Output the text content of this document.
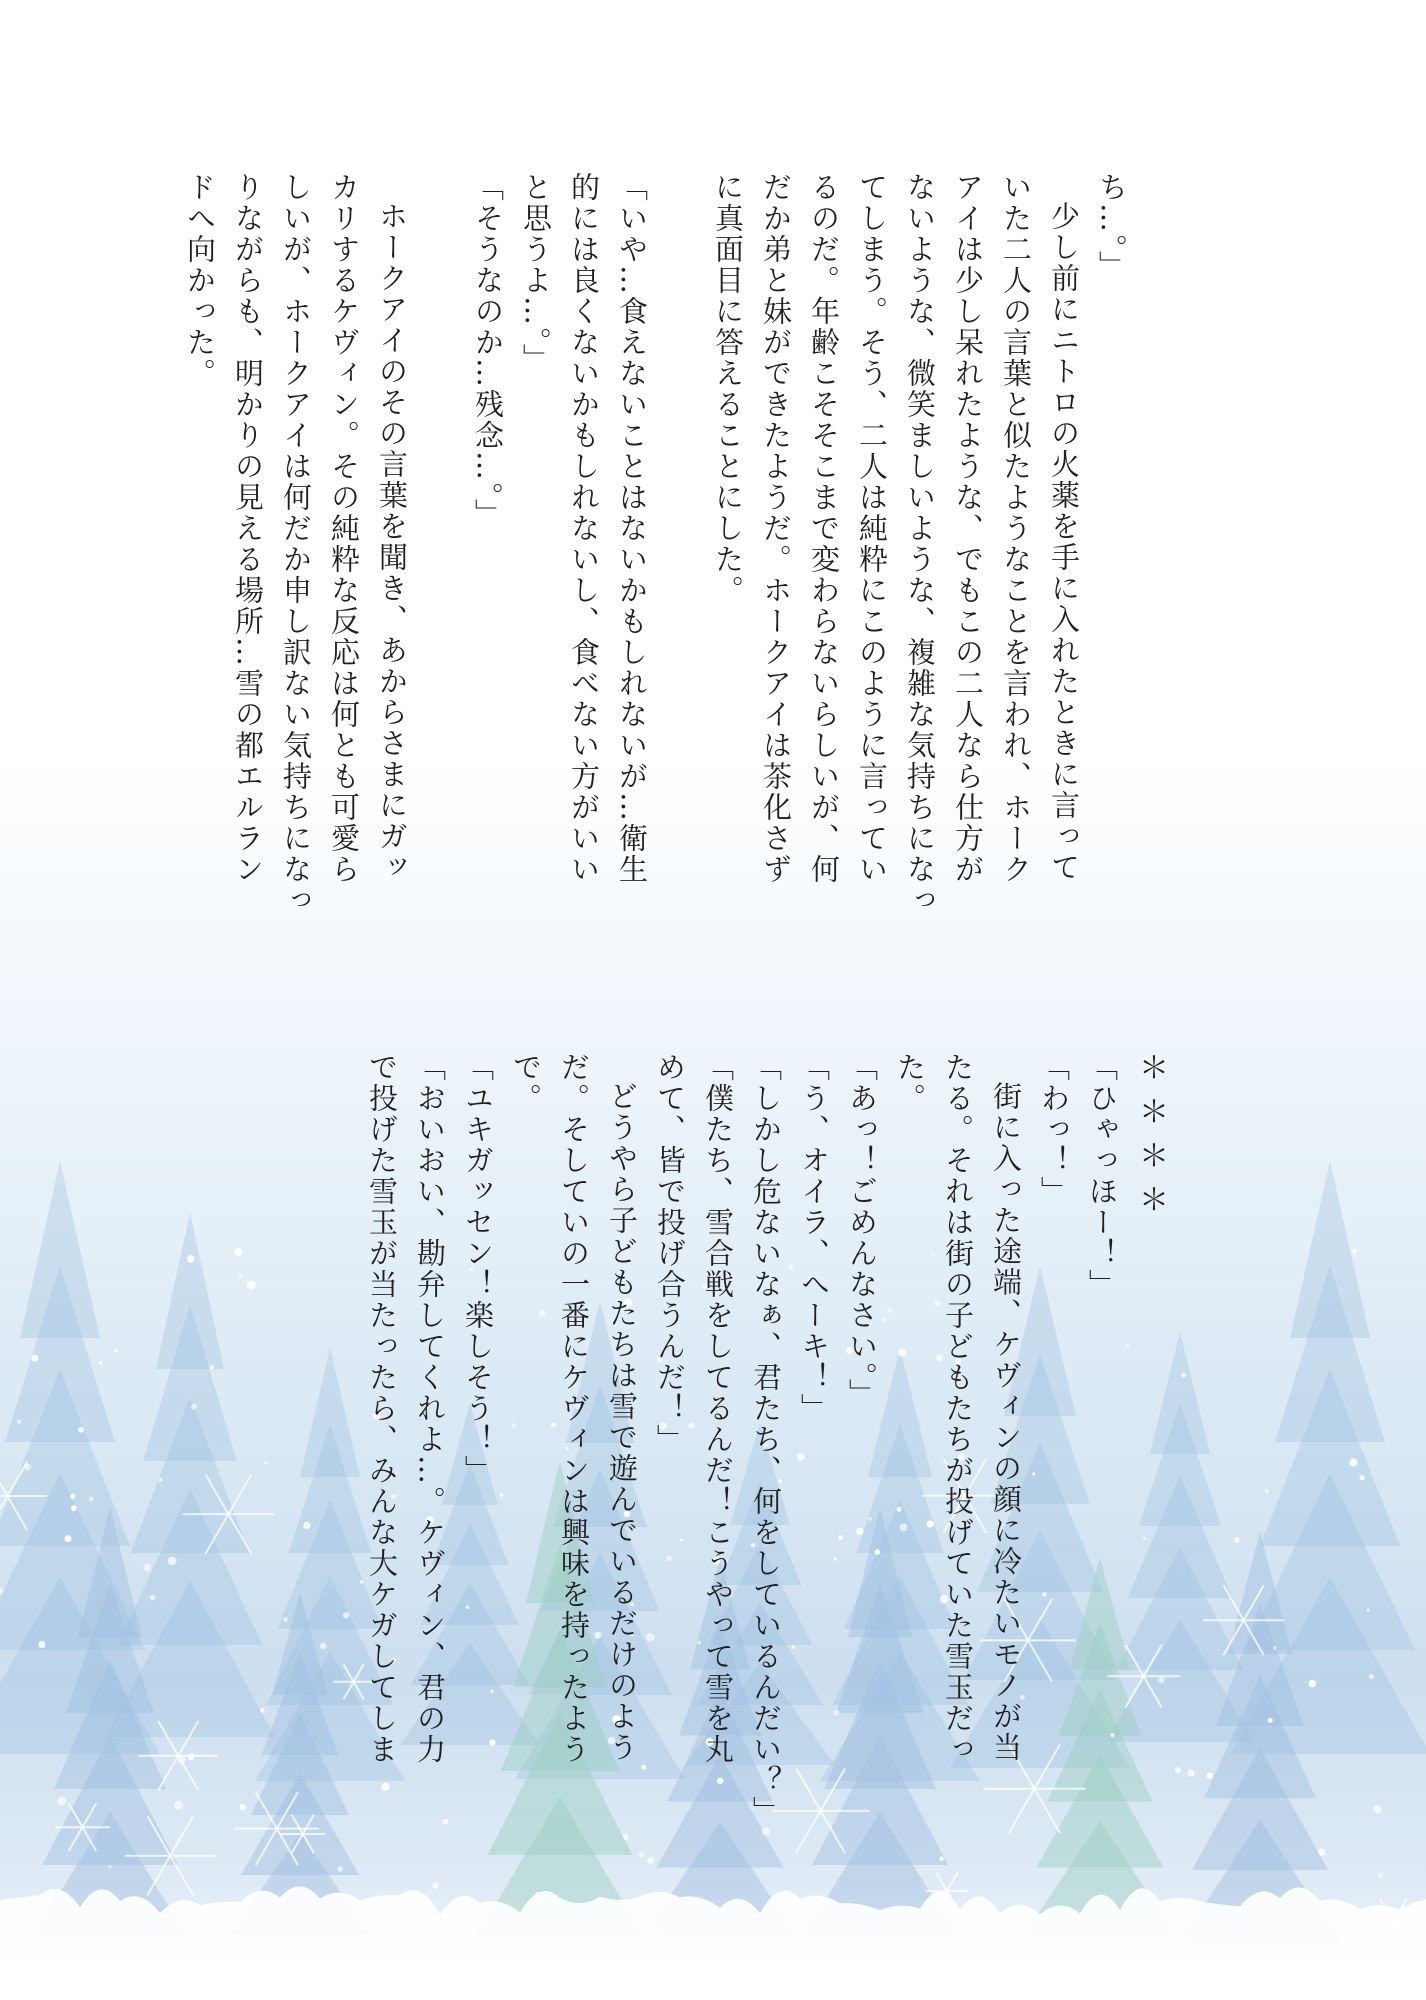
ち…。」

少し前にニトロの火薬を手に入れたときに言って
いた二人の言葉と似たようなことを言われ、ホーク
アイは少し呆れたような、でもこの二人なら仕方が
ないような、微笑ましいような、複雑な気持ちになっ
てしまう。そう、二人は純粋にこのように言ってい
るのだ。年齢こそそこまで変わらないらしいが、何
だか弟と妹ができたようだ。ホークアイは茶化さず
に真面目に答えることにした。

「いや…食えないことはないかもしれないが…衛生
的には良くないかもしれないし、食べない方がいい
と思うよ…。」

「そうなのか…残念…。」

ホークアイのその言葉を聞き、あからさまにガッ
カリするケヴィン。その純粋な反応は何とも可愛ら
しいが、ホークアイは何だか申し訳ない気持ちになっ
りながらも、明かりの見える場所…雪の都エルラン
ドへ向かった。

＊＊＊＊

「ひゃっほー！」

「わっ！」

街に入った途端、ケヴィンの顔に冷たいモノが当
たる。それは街の子どもたちが投げていた雪玉だっ
た。

「あっ！ごめんなさい。」

「う、オイラ、へーキ！」

「しかし危ないなぁ、君たち、何をしているんだい？」

「僕たち、雪合戦をしてるんだ！こうやって雪を丸
めて、皆で投げ合うんだ！」

どうやら子どもたちは雪で遊んでいるだけのよう
だ。そしていの一番にケヴィンは興味を持ったよう
で。

「ユキガッセン！楽しそう！」

「おいおい、勘弁してくれよ…。ケヴィン、君の力
で投げた雪玉が当たったら、みんな大ケガしてしま
